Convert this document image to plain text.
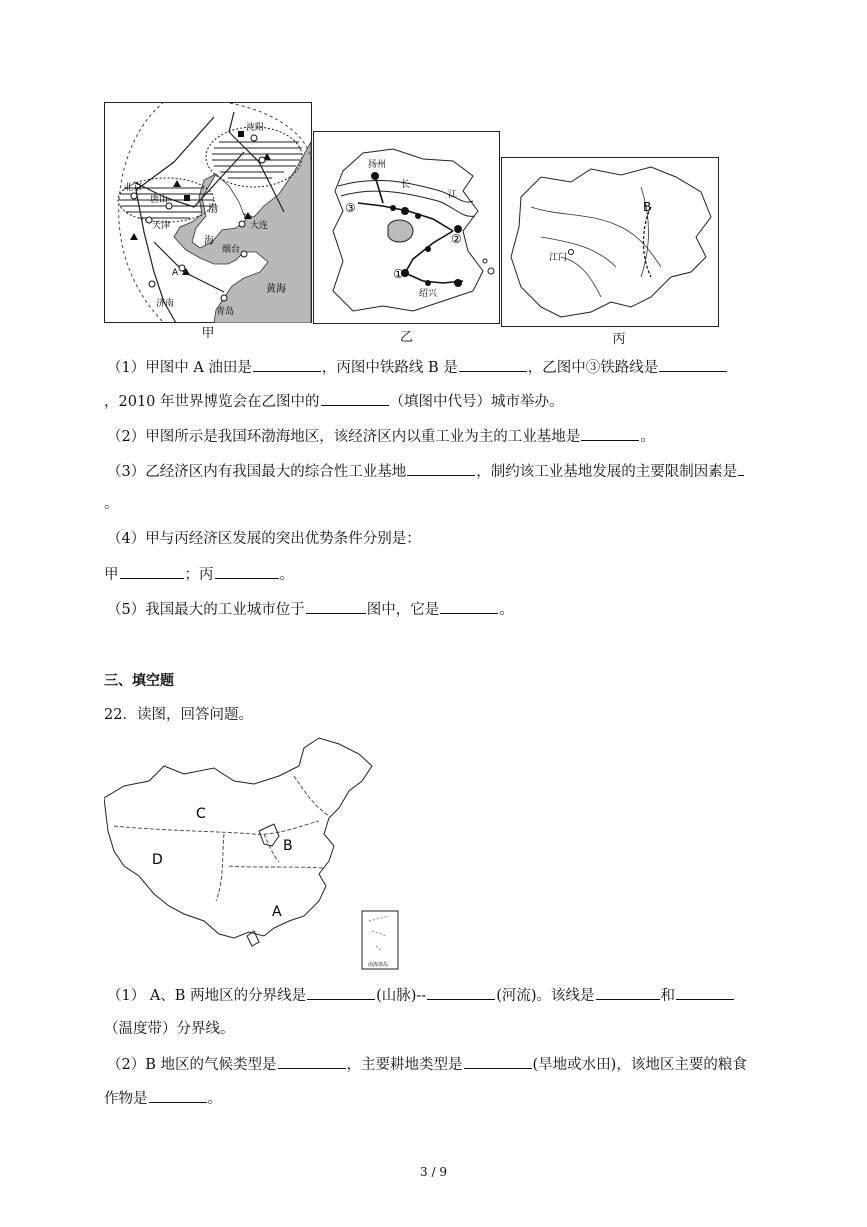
沈阳
唐山
天津
北京
渤
海
大连
烟台
黄海
济南
青岛
A
甲
扬州
长
江
③
②
①
绍兴
乙
B
江门
丙
（1）甲图中 A 油田是	，丙图中铁路线 B 是	，乙图中③铁路线是
，2010 年世界博览会在乙图中的	（填图中代号）城市举办。
（2）甲图所示是我国环渤海地区，该经济区内以重工业为主的工业基地是	。
（3）乙经济区内有我国最大的综合性工业基地	，制约该工业基地发展的主要限制因素是
。
（4）甲与丙经济区发展的突出优势条件分别是：
甲	；丙	。
（5）我国最大的工业城市位于	图中，它是	。
三、填空题
22．读图，回答问题。
南海诸岛
C
D
B
A
（1） A、B 两地区的分界线是	(山脉)--	(河流)。该线是	和
（温度带）分界线。
（2）B 地区的气候类型是	，主要耕地类型是	(旱地或水田)，该地区主要的粮食
作物是	。
3 / 9
